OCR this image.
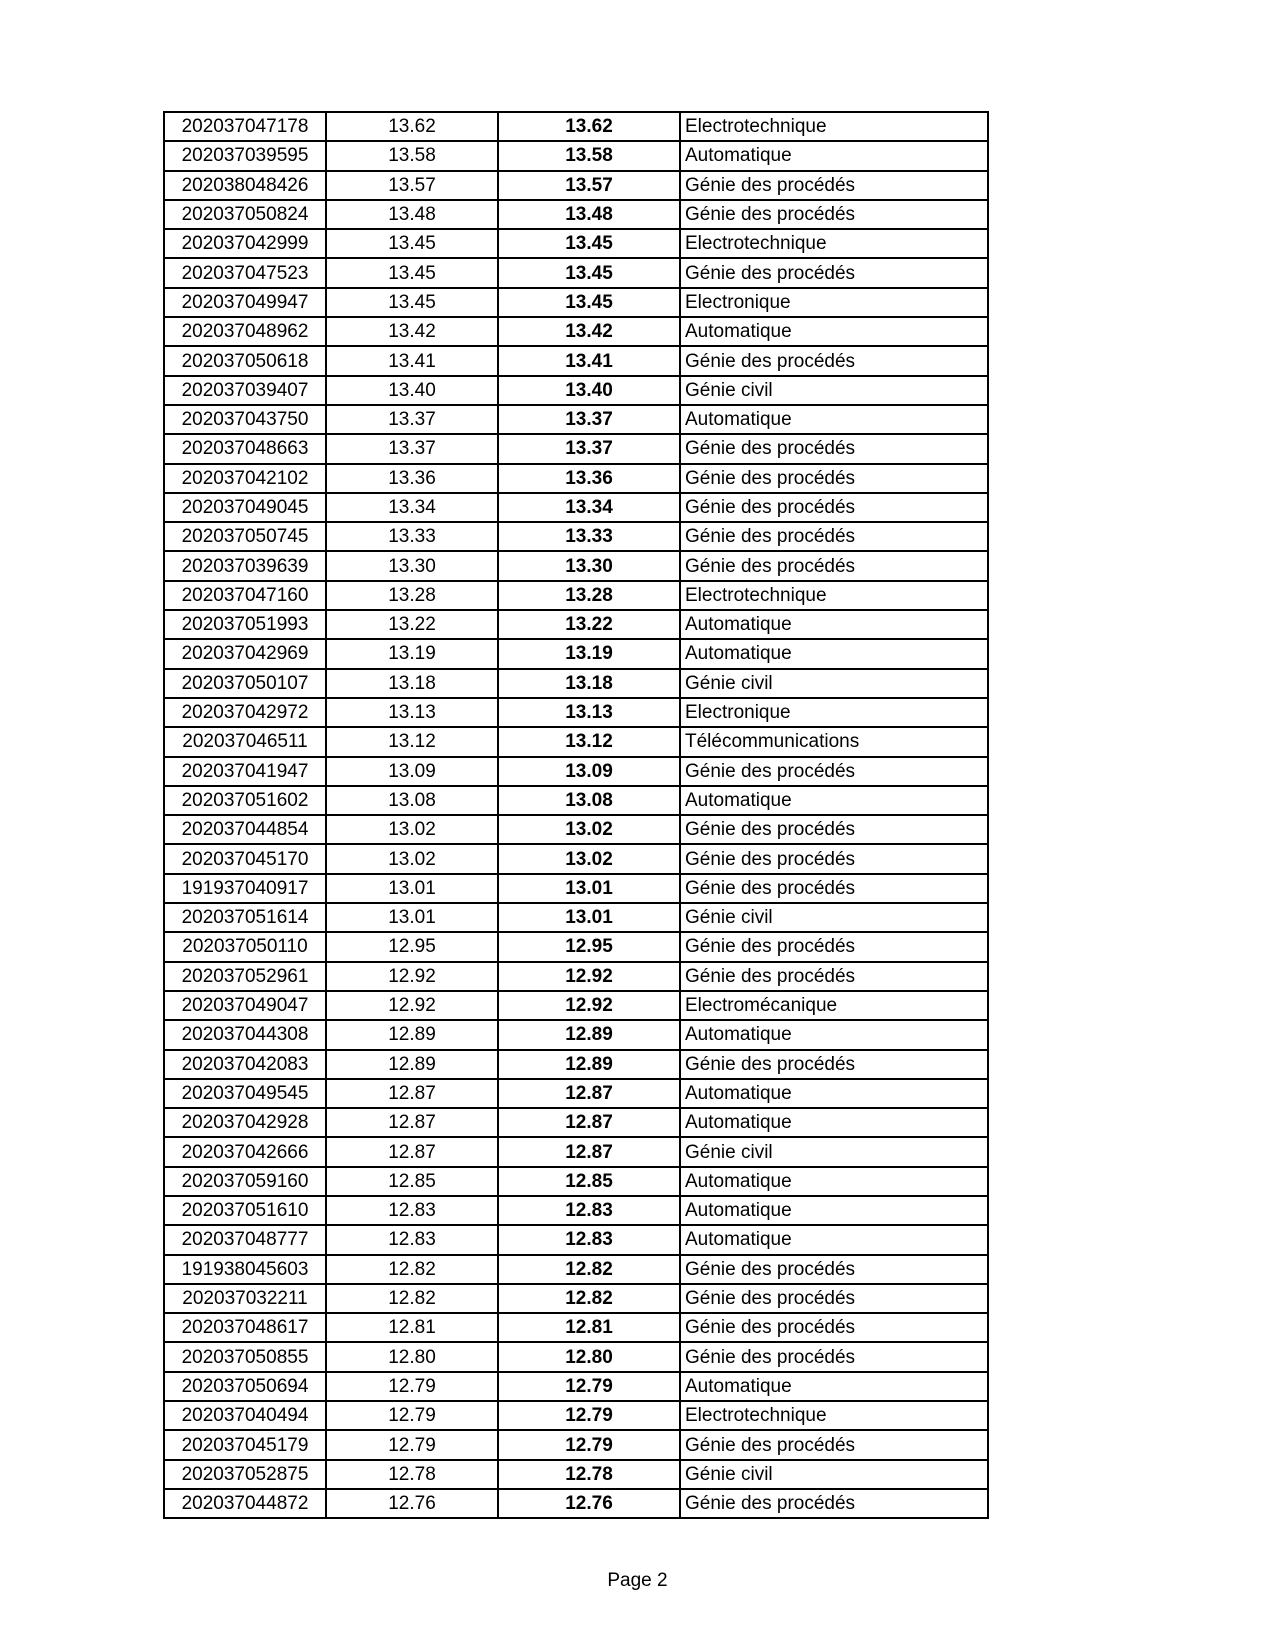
202037047178	13.62	13.62	Electrotechnique
202037039595	13.58	13.58	Automatique
202038048426	13.57	13.57	Génie des procédés
202037050824	13.48	13.48	Génie des procédés
202037042999	13.45	13.45	Electrotechnique
202037047523	13.45	13.45	Génie des procédés
202037049947	13.45	13.45	Electronique
202037048962	13.42	13.42	Automatique
202037050618	13.41	13.41	Génie des procédés
202037039407	13.40	13.40	Génie civil
202037043750	13.37	13.37	Automatique
202037048663	13.37	13.37	Génie des procédés
202037042102	13.36	13.36	Génie des procédés
202037049045	13.34	13.34	Génie des procédés
202037050745	13.33	13.33	Génie des procédés
202037039639	13.30	13.30	Génie des procédés
202037047160	13.28	13.28	Electrotechnique
202037051993	13.22	13.22	Automatique
202037042969	13.19	13.19	Automatique
202037050107	13.18	13.18	Génie civil
202037042972	13.13	13.13	Electronique
202037046511	13.12	13.12	Télécommunications
202037041947	13.09	13.09	Génie des procédés
202037051602	13.08	13.08	Automatique
202037044854	13.02	13.02	Génie des procédés
202037045170	13.02	13.02	Génie des procédés
191937040917	13.01	13.01	Génie des procédés
202037051614	13.01	13.01	Génie civil
202037050110	12.95	12.95	Génie des procédés
202037052961	12.92	12.92	Génie des procédés
202037049047	12.92	12.92	Electromécanique
202037044308	12.89	12.89	Automatique
202037042083	12.89	12.89	Génie des procédés
202037049545	12.87	12.87	Automatique
202037042928	12.87	12.87	Automatique
202037042666	12.87	12.87	Génie civil
202037059160	12.85	12.85	Automatique
202037051610	12.83	12.83	Automatique
202037048777	12.83	12.83	Automatique
191938045603	12.82	12.82	Génie des procédés
202037032211	12.82	12.82	Génie des procédés
202037048617	12.81	12.81	Génie des procédés
202037050855	12.80	12.80	Génie des procédés
202037050694	12.79	12.79	Automatique
202037040494	12.79	12.79	Electrotechnique
202037045179	12.79	12.79	Génie des procédés
202037052875	12.78	12.78	Génie civil
202037044872	12.76	12.76	Génie des procédés
Page 2
